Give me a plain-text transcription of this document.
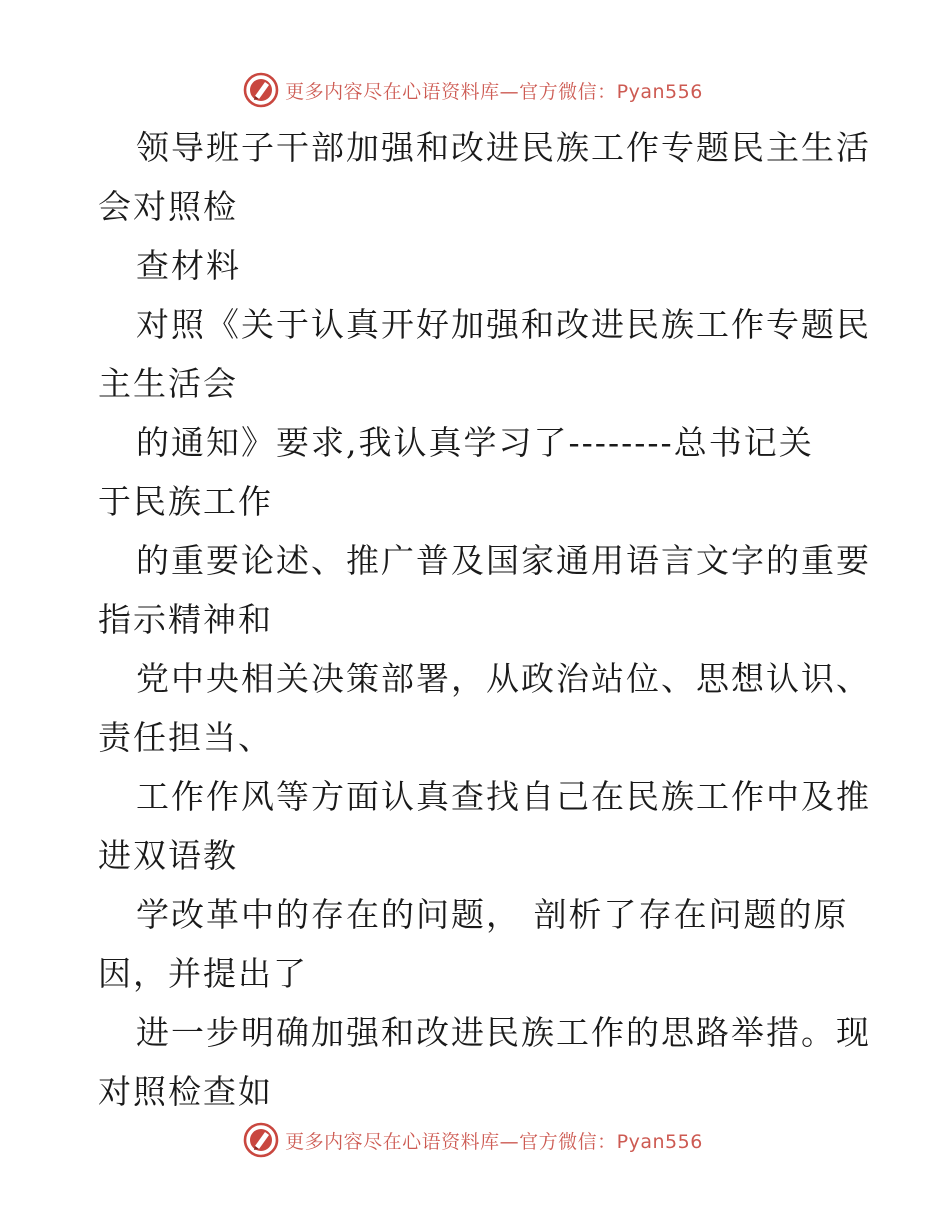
更多内容尽在心语资料库—官方微信：Pyan556
领导班子干部加强和改进民族工作专题民主生活
会对照检
查材料
对照《关于认真开好加强和改进民族工作专题民
主生活会
的通知》要求,我认真学习了--------总书记关
于民族工作
的重要论述、推广普及国家通用语言文字的重要
指示精神和
党中央相关决策部署，从政治站位、思想认识、
责任担当、
工作作风等方面认真查找自己在民族工作中及推
进双语教
学改革中的存在的问题， 剖析了存在问题的原
因，并提出了
进一步明确加强和改进民族工作的思路举措。现
对照检查如
更多内容尽在心语资料库—官方微信：Pyan556
